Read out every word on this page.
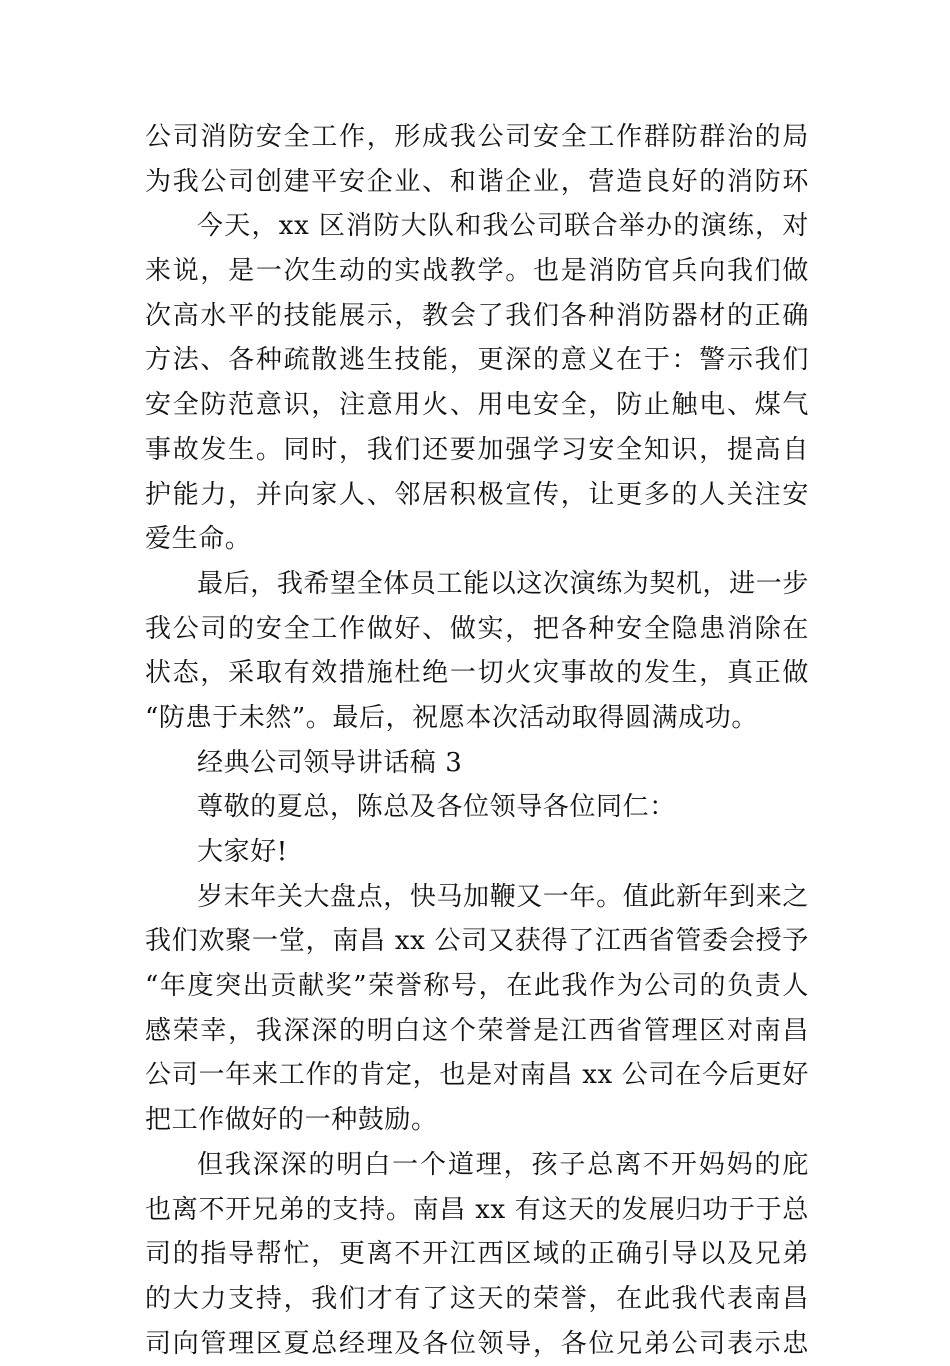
公司消防安全工作，形成我公司安全工作群防群治的局
为我公司创建平安企业、和谐企业，营造良好的消防环
今天，xx 区消防大队和我公司联合举办的演练，对
来说，是一次生动的实战教学。也是消防官兵向我们做
次高水平的技能展示，教会了我们各种消防器材的正确
方法、各种疏散逃生技能，更深的意义在于：警示我们
安全防范意识，注意用火、用电安全，防止触电、煤气
事故发生。同时，我们还要加强学习安全知识，提高自
护能力，并向家人、邻居积极宣传，让更多的人关注安
爱生命。
最后，我希望全体员工能以这次演练为契机，进一步
我公司的安全工作做好、做实，把各种安全隐患消除在
状态，采取有效措施杜绝一切火灾事故的发生，真正做
“防患于未然”。最后，祝愿本次活动取得圆满成功。
经典公司领导讲话稿 3
尊敬的夏总，陈总及各位领导各位同仁：
大家好!
岁末年关大盘点，快马加鞭又一年。值此新年到来之
我们欢聚一堂，南昌 xx 公司又获得了江西省管委会授予
“年度突出贡献奖”荣誉称号，在此我作为公司的负责人
感荣幸，我深深的明白这个荣誉是江西省管理区对南昌
公司一年来工作的肯定，也是对南昌 xx 公司在今后更好
把工作做好的一种鼓励。
但我深深的明白一个道理，孩子总离不开妈妈的庇
也离不开兄弟的支持。南昌 xx 有这天的发展归功于于总
司的指导帮忙，更离不开江西区域的正确引导以及兄弟
的大力支持，我们才有了这天的荣誉，在此我代表南昌
司向管理区夏总经理及各位领导，各位兄弟公司表示忠
